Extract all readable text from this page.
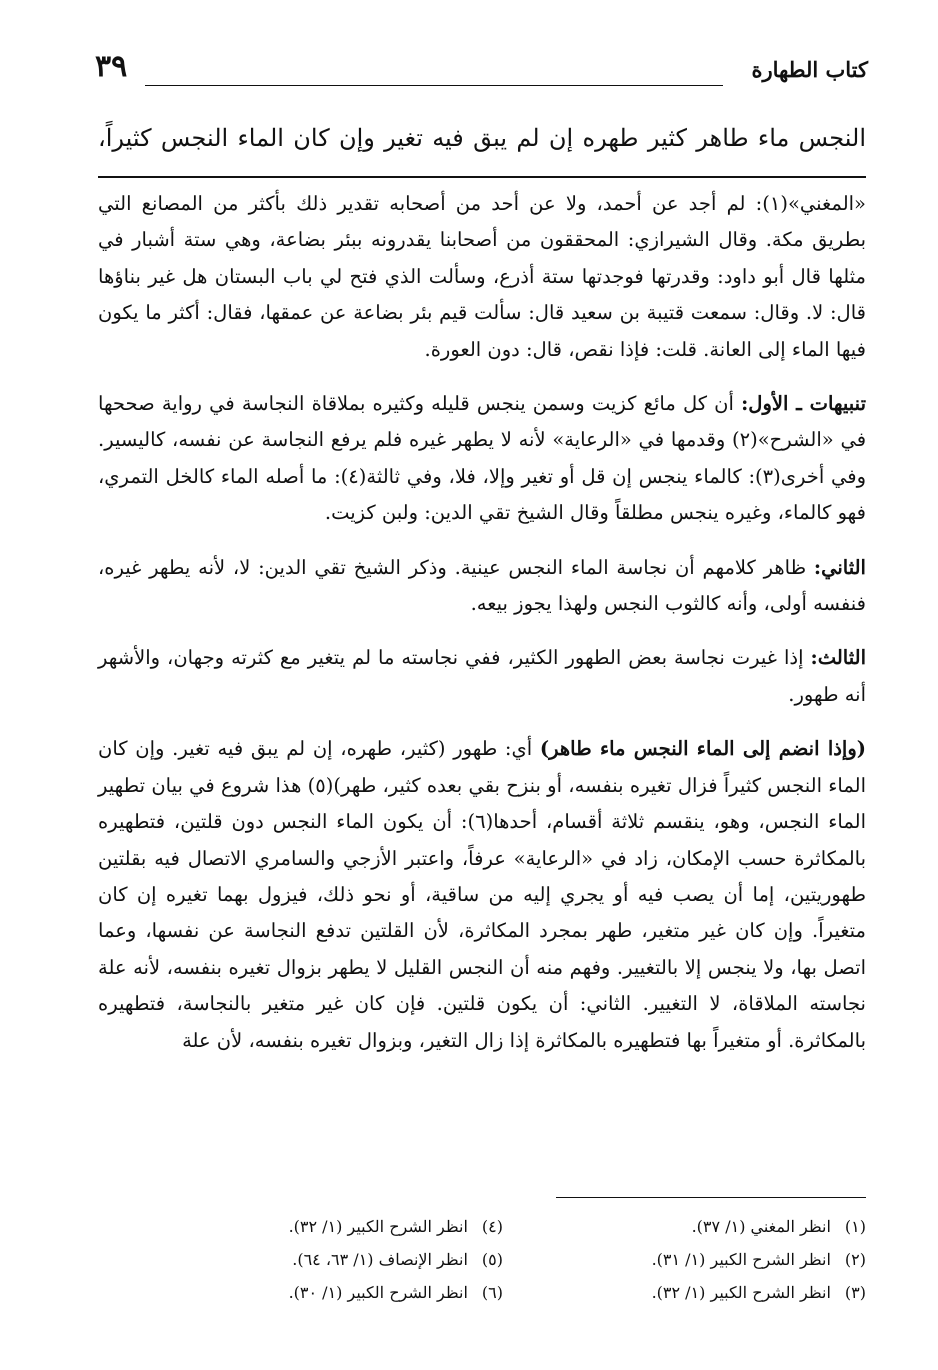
كتاب الطهارة
٣٩
النجس ماء طاهر كثير طهره إن لم يبق فيه تغير وإن كان الماء النجس كثيراً،

«المغني»(١): لم أجد عن أحمد، ولا عن أحد من أصحابه تقدير ذلك بأكثر من المصانع التي بطريق مكة. وقال الشيرازي: المحققون من أصحابنا يقدرونه ببئر بضاعة، وهي ستة أشبار في مثلها قال أبو داود: وقدرتها فوجدتها ستة أذرع، وسألت الذي فتح لي باب البستان هل غير بناؤها قال: لا. وقال: سمعت قتيبة بن سعيد قال: سألت قيم بئر بضاعة عن عمقها، فقال: أكثر ما يكون فيها الماء إلى العانة. قلت: فإذا نقص، قال: دون العورة.

تنبيهات ـ الأول: أن كل مائع كزيت وسمن ينجس قليله وكثيره بملاقاة النجاسة في رواية صححها في «الشرح»(٢) وقدمها في «الرعاية» لأنه لا يطهر غيره فلم يرفع النجاسة عن نفسه، كاليسير. وفي أخرى(٣): كالماء ينجس إن قل أو تغير وإلا، فلا، وفي ثالثة(٤): ما أصله الماء كالخل التمري، فهو كالماء، وغيره ينجس مطلقاً وقال الشيخ تقي الدين: ولبن كزيت.

الثاني: ظاهر كلامهم أن نجاسة الماء النجس عينية. وذكر الشيخ تقي الدين: لا، لأنه يطهر غيره، فنفسه أولى، وأنه كالثوب النجس ولهذا يجوز بيعه.

الثالث: إذا غيرت نجاسة بعض الطهور الكثير، ففي نجاسته ما لم يتغير مع كثرته وجهان، والأشهر أنه طهور.

(وإذا انضم إلى الماء النجس ماء طاهر) أي: طهور (كثير، طهره، إن لم يبق فيه تغير. وإن كان الماء النجس كثيراً فزال تغيره بنفسه، أو بنزح بقي بعده كثير، طهر)(٥) هذا شروع في بيان تطهير الماء النجس، وهو، ينقسم ثلاثة أقسام، أحدها(٦): أن يكون الماء النجس دون قلتين، فتطهيره بالمكاثرة حسب الإمكان، زاد في «الرعاية» عرفاً، واعتبر الأزجي والسامري الاتصال فيه بقلتين طهوريتين، إما أن يصب فيه أو يجري إليه من ساقية، أو نحو ذلك، فيزول بهما تغيره إن كان متغيراً. وإن كان غير متغير، طهر بمجرد المكاثرة، لأن القلتين تدفع النجاسة عن نفسها، وعما اتصل بها، ولا ينجس إلا بالتغيير. وفهم منه أن النجس القليل لا يطهر بزوال تغيره بنفسه، لأنه علة نجاسته الملاقاة، لا التغيير. الثاني: أن يكون قلتين. فإن كان غير متغير بالنجاسة، فتطهيره بالمكاثرة. أو متغيراً بها فتطهيره بالمكاثرة إذا زال التغير، وبزوال تغيره بنفسه، لأن علة

(١) انظر المغني (١/ ٣٧).
(٢) انظر الشرح الكبير (١/ ٣١).
(٣) انظر الشرح الكبير (١/ ٣٢).
(٤) انظر الشرح الكبير (١/ ٣٢).
(٥) انظر الإنصاف (١/ ٦٣، ٦٤).
(٦) انظر الشرح الكبير (١/ ٣٠).
